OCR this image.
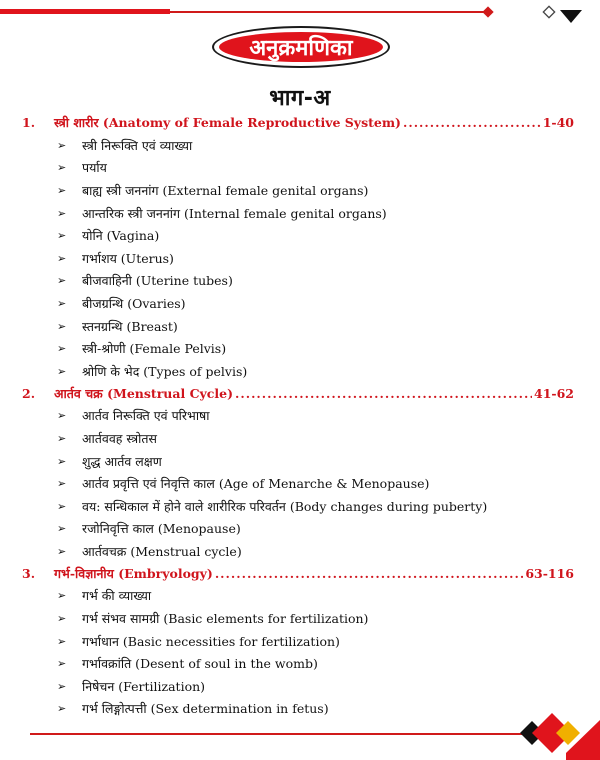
अनुक्रमणिका
भाग-अ
1.	स्त्री शारीर (Anatomy of Female Reproductive System) .....	1-40
➢	स्त्री निरूक्ति एवं व्याख्या
➢	पर्याय
➢	बाह्य स्त्री जननांग (External female genital organs)
➢	आन्तरिक स्त्री जननांग (Internal female genital organs)
➢	योनि (Vagina)
➢	गर्भाशय (Uterus)
➢	बीजवाहिनी (Uterine tubes)
➢	बीजग्रन्थि (Ovaries)
➢	स्तनग्रन्थि (Breast)
➢	स्त्री-श्रोणी (Female Pelvis)
➢	श्रोणि के भेद (Types of pelvis)
2.	आर्तव चक्र (Menstrual Cycle) .....	41-62
➢	आर्तव निरूक्ति एवं परिभाषा
➢	आर्तववह स्त्रोतस
➢	शुद्ध आर्तव लक्षण
➢	आर्तव प्रवृत्ति एवं निवृत्ति काल (Age of Menarche & Menopause)
➢	वय: सन्धिकाल में होने वाले शारीरिक परिवर्तन (Body changes during puberty)
➢	रजोनिवृत्ति काल (Menopause)
➢	आर्तवचक्र (Menstrual cycle)
3.	गर्भ-विज्ञानीय (Embryology) .....	63-116
➢	गर्भ की व्याख्या
➢	गर्भ संभव सामग्री (Basic elements for fertilization)
➢	गर्भाधान (Basic necessities for fertilization)
➢	गर्भावक्रांति (Desent of soul in the womb)
➢	निषेचन (Fertilization)
➢	गर्भ लिङ्गोत्पत्ती (Sex determination in fetus)
